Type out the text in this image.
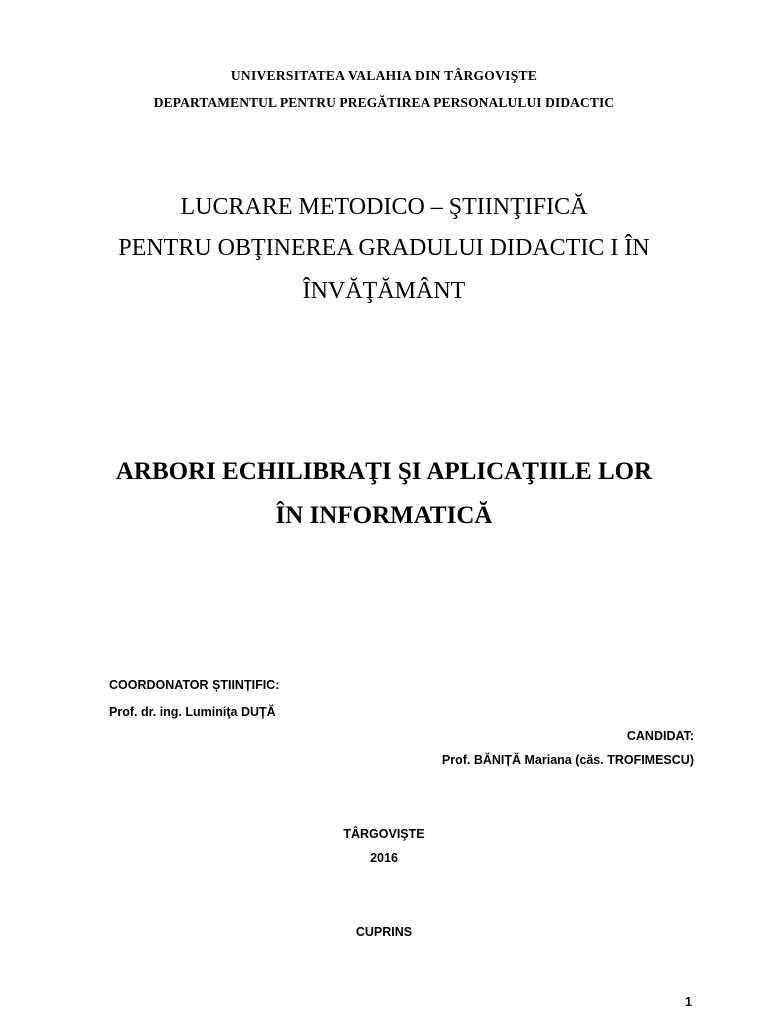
UNIVERSITATEA VALAHIA DIN TÂRGOVIŞTE
DEPARTAMENTUL PENTRU PREGĂTIREA PERSONALULUI DIDACTIC
LUCRARE METODICO – ŞTIINŢIFICĂ
PENTRU OBŢINEREA GRADULUI DIDACTIC I ÎN
ÎNVĂŢĂMÂNT
ARBORI ECHILIBRAŢI ŞI APLICAŢIILE LOR
ÎN INFORMATICĂ
COORDONATOR ȘTIINȚIFIC:
Prof. dr. ing. Luminiţa DUŢĂ
CANDIDAT:
Prof. BĂNIȚĂ Mariana (căs. TROFIMESCU)
TÂRGOVIŞTE
2016
CUPRINS
1
